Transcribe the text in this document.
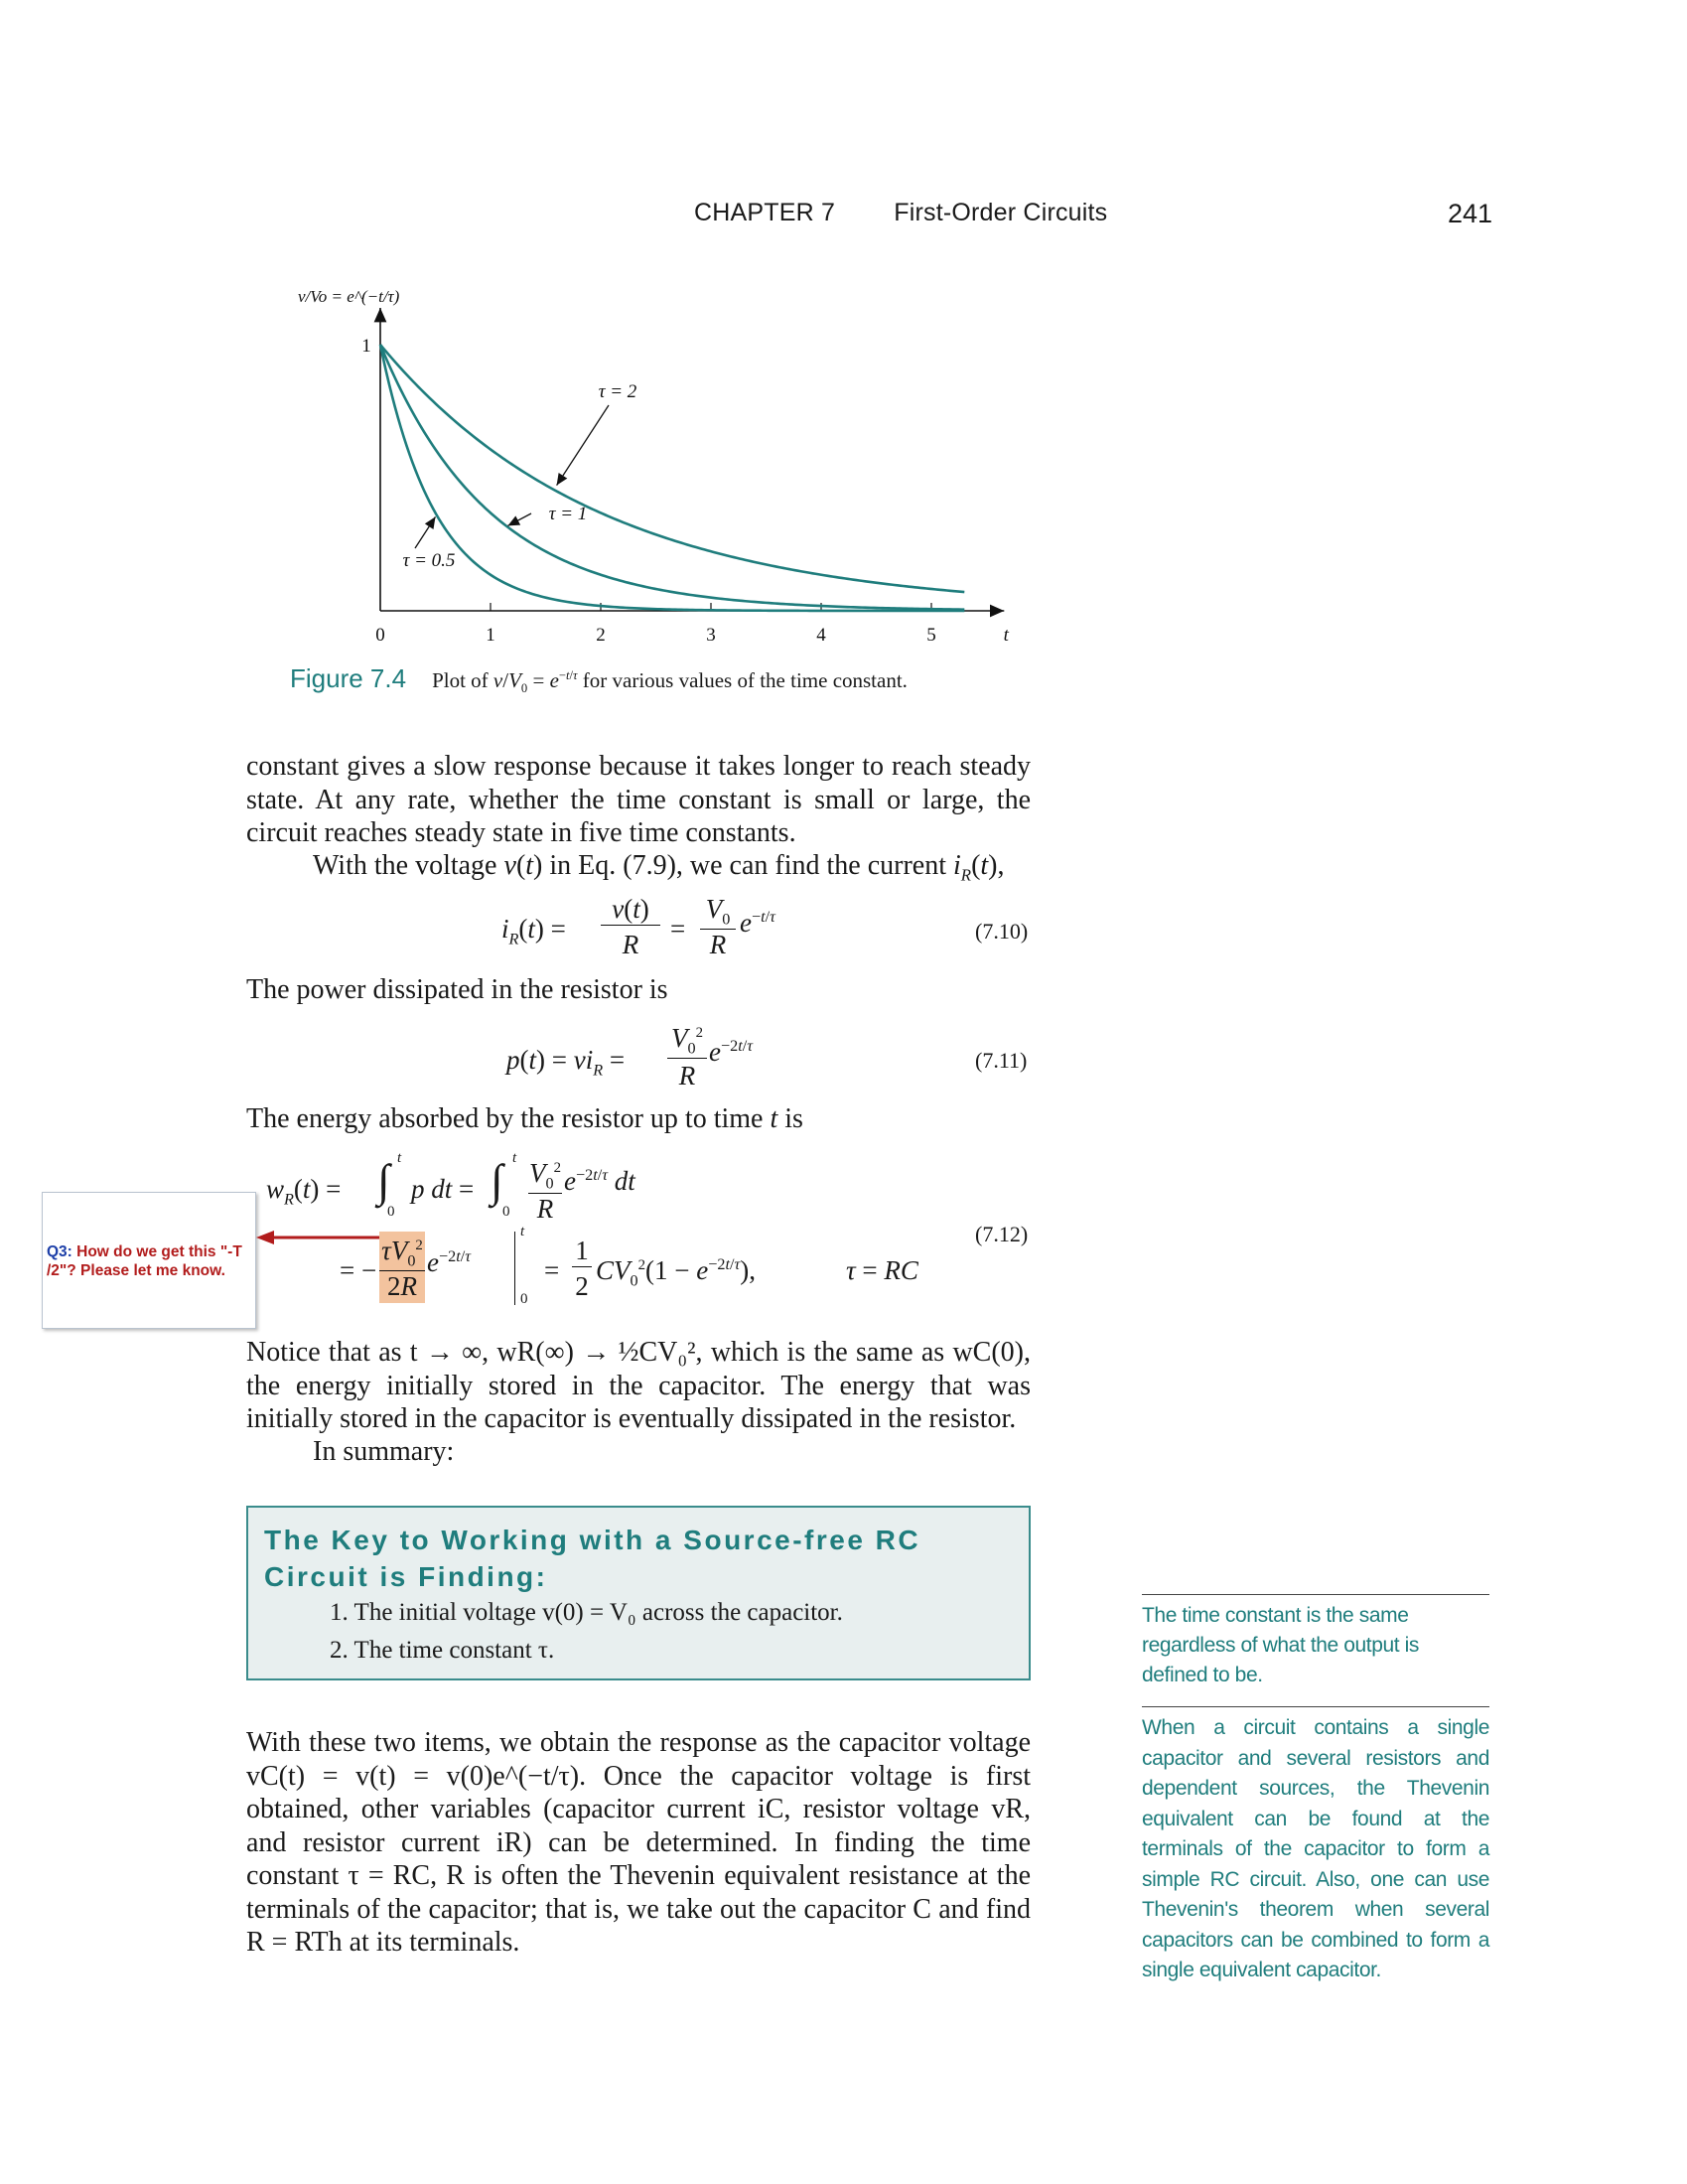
CHAPTER 7 First-Order Circuits	241
0	1	2	3	4	5
1
t
v/Vo = e^(−t/τ)
τ = 2
τ = 1
τ = 0.5
Figure 7.4 Plot of $v/V_0 = e^{-t/\tau}$ for various values of the time constant.
constant gives a slow response because it takes longer to reach steady state. At any rate, whether the time constant is small or large, the circuit reaches steady state in five time constants.
With the voltage v(t) in Eq. (7.9), we can find the current $i_R(t)$,
$i_R(t)$ =
v(t)
R
=
$V_0$
R
$e^{-t/\tau}$
(7.10)
The power dissipated in the resistor is
$p(t) = vi_R$ =
$V_0^2$
R
$e^{-2t/\tau}$
(7.11)
The energy absorbed by the resistor up to time t is
$w_R(t)$ = ∫ t
0
p dt = ∫ t
0
$V_0^2$
R
$e^{-2t/\tau}$ dt
= −
$\tau V_0^2$
2R
$e^{-2t/\tau}$
t
0
=
1
2
$CV_0^2(1 - e^{-2t/\tau})$,	τ = RC
(7.12)
Q3: How do we get this "-T /2"? Please let me know.
Notice that as t → ∞, wR(∞) → ½CV₀², which is the same as wC(0), the energy initially stored in the capacitor. The energy that was initially stored in the capacitor is eventually dissipated in the resistor.
In summary:
The Key to Working with a Source-free RC Circuit is Finding:
1. The initial voltage v(0) = V₀ across the capacitor.
2. The time constant τ.
With these two items, we obtain the response as the capacitor voltage vC(t) = v(t) = v(0)e^(−t/τ). Once the capacitor voltage is first obtained, other variables (capacitor current iC, resistor voltage vR, and resistor current iR) can be determined. In finding the time constant τ = RC, R is often the Thevenin equivalent resistance at the terminals of the capacitor; that is, we take out the capacitor C and find R = RTh at its terminals.
The time constant is the same regardless of what the output is defined to be.
When a circuit contains a single capacitor and several resistors and dependent sources, the Thevenin equivalent can be found at the terminals of the capacitor to form a simple RC circuit. Also, one can use Thevenin's theorem when several capacitors can be combined to form a single equivalent capacitor.
